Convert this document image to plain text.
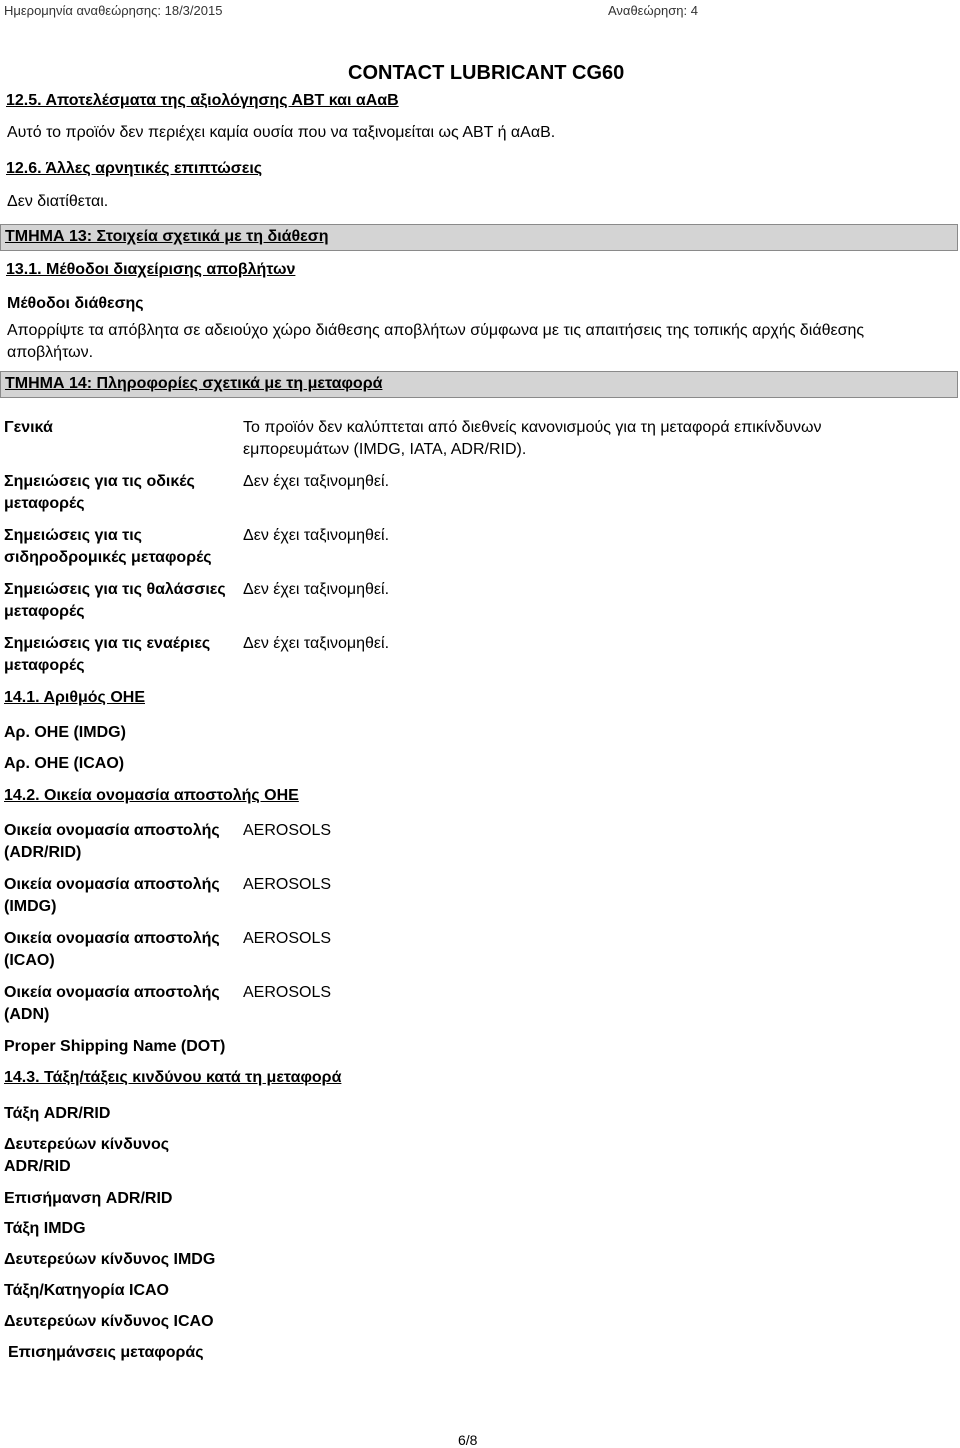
Ημερομηνία αναθεώρησης: 18/3/2015	Αναθεώρηση: 4
CONTACT LUBRICANT CG60
12.5. Αποτελέσματα της αξιολόγησης ΑΒΤ και αΑαΒ
Αυτό το προϊόν δεν περιέχει καμία ουσία που να ταξινομείται ως ΑΒΤ ή αΑαΒ.
12.6. Άλλες αρνητικές επιπτώσεις
Δεν διατίθεται.
ΤΜΗΜΑ 13: Στοιχεία σχετικά με τη διάθεση
13.1. Μέθοδοι διαχείρισης αποβλήτων
Μέθοδοι διάθεσης
Απορρίψτε τα απόβλητα σε αδειούχο χώρο διάθεσης αποβλήτων σύμφωνα με τις απαιτήσεις της τοπικής αρχής διάθεσης αποβλήτων.
ΤΜΗΜΑ 14: Πληροφορίες σχετικά με τη μεταφορά
Γενικά	Το προϊόν δεν καλύπτεται από διεθνείς κανονισμούς για τη μεταφορά επικίνδυνων εμπορευμάτων (IMDG, IATA, ADR/RID).
Σημειώσεις για τις οδικές μεταφορές
Δεν έχει ταξινομηθεί.
Σημειώσεις για τις σιδηροδρομικές μεταφορές
Δεν έχει ταξινομηθεί.
Σημειώσεις για τις θαλάσσιες μεταφορές
Δεν έχει ταξινομηθεί.
Σημειώσεις για τις εναέριες μεταφορές
Δεν έχει ταξινομηθεί.
14.1. Αριθμός ΟΗΕ
Αρ. ΟΗΕ (IMDG)
Αρ. ΟΗΕ (ICAO)
14.2. Οικεία ονομασία αποστολής ΟΗΕ
Οικεία ονομασία αποστολής (ADR/RID)
AEROSOLS
Οικεία ονομασία αποστολής (IMDG)
AEROSOLS
Οικεία ονομασία αποστολής (ICAO)
AEROSOLS
Οικεία ονομασία αποστολής (ADN)
AEROSOLS
Proper Shipping Name (DOT)
14.3. Τάξη/τάξεις κινδύνου κατά τη μεταφορά
Τάξη ADR/RID
Δευτερεύων κίνδυνος ADR/RID
Επισήμανση ADR/RID
Τάξη IMDG
Δευτερεύων κίνδυνος IMDG
Τάξη/Κατηγορία ICAO
Δευτερεύων κίνδυνος ICAO
Επισημάνσεις μεταφοράς
6/8
